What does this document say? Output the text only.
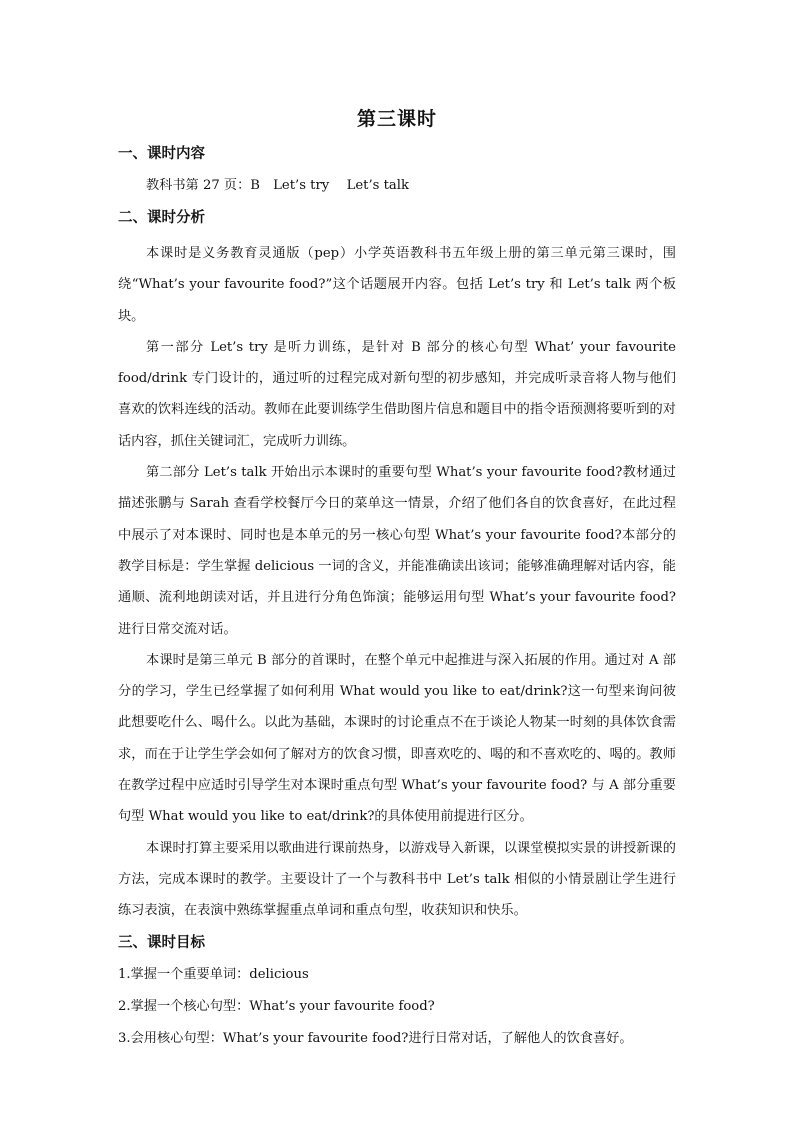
第三课时
一、课时内容
教科书第 27 页：B　Let’s try　 Let’s talk
二、课时分析

本课时是义务教育灵通版（pep）小学英语教科书五年级上册的第三单元第三课时，围绕“What’s your favourite food?”这个话题展开内容。包括 Let’s try 和 Let’s talk 两个板块。

第一部分 Let’s try 是听力训练，是针对 B 部分的核心句型 What’ your favourite food/drink 专门设计的，通过听的过程完成对新句型的初步感知，并完成听录音将人物与他们喜欢的饮料连线的活动。教师在此要训练学生借助图片信息和题目中的指令语预测将要听到的对话内容，抓住关键词汇，完成听力训练。

第二部分 Let’s talk 开始出示本课时的重要句型 What’s your favourite food?教材通过描述张鹏与 Sarah 查看学校餐厅今日的菜单这一情景，介绍了他们各自的饮食喜好，在此过程中展示了对本课时、同时也是本单元的另一核心句型 What’s your favourite food?本部分的教学目标是：学生掌握 delicious 一词的含义，并能准确读出该词；能够准确理解对话内容，能通顺、流利地朗读对话，并且进行分角色饰演；能够运用句型 What’s your favourite food?进行日常交流对话。

本课时是第三单元 B 部分的首课时，在整个单元中起推进与深入拓展的作用。通过对 A 部分的学习，学生已经掌握了如何利用 What would you like to eat/drink?这一句型来询问彼此想要吃什么、喝什么。以此为基础，本课时的讨论重点不在于谈论人物某一时刻的具体饮食需求，而在于让学生学会如何了解对方的饮食习惯，即喜欢吃的、喝的和不喜欢吃的、喝的。教师在教学过程中应适时引导学生对本课时重点句型 What’s your favourite food? 与 A 部分重要句型 What would you like to eat/drink?的具体使用前提进行区分。

本课时打算主要采用以歌曲进行课前热身，以游戏导入新课，以课堂模拟实景的讲授新课的方法，完成本课时的教学。主要设计了一个与教科书中 Let’s talk 相似的小情景剧让学生进行练习表演，在表演中熟练掌握重点单词和重点句型，收获知识和快乐。

三、课时目标
1.掌握一个重要单词：delicious
2.掌握一个核心句型：What’s your favourite food?
3.会用核心句型：What’s your favourite food?进行日常对话，了解他人的饮食喜好。
